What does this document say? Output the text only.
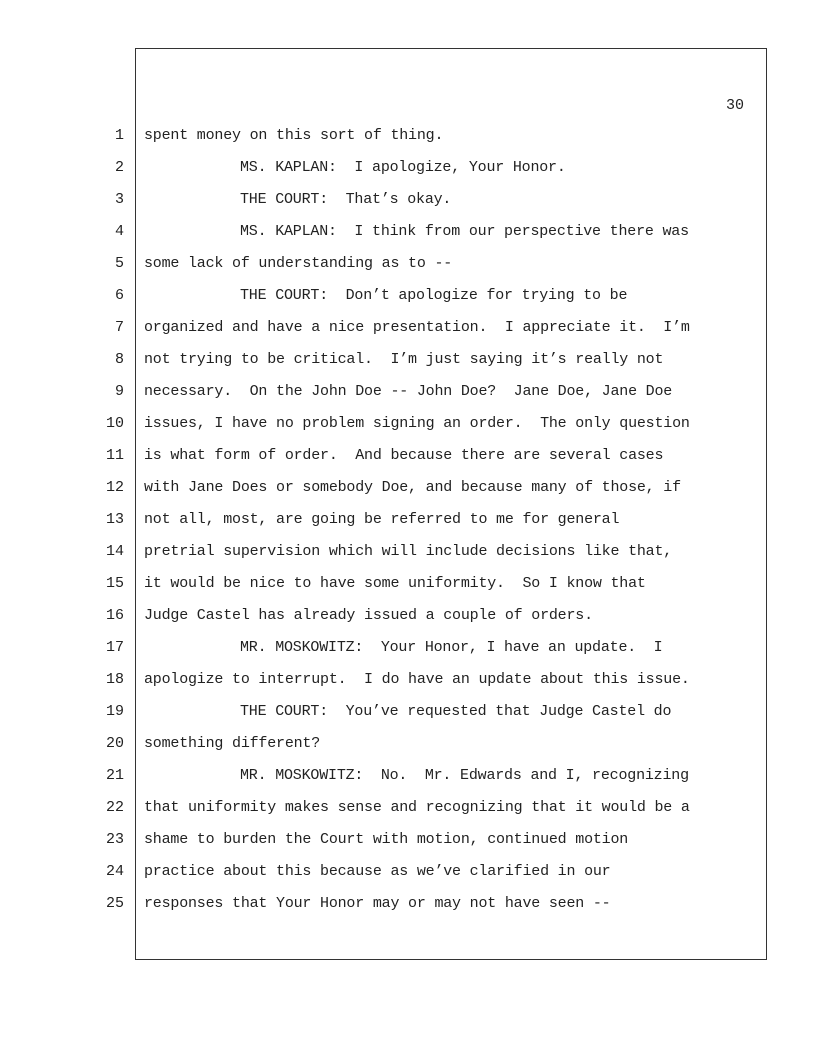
30
1 spent money on this sort of thing.
2	MS. KAPLAN:  I apologize, Your Honor.
3	THE COURT:  That’s okay.
4	MS. KAPLAN:  I think from our perspective there was
5 some lack of understanding as to --
6	THE COURT:  Don’t apologize for trying to be
7 organized and have a nice presentation.  I appreciate it.  I’m
8 not trying to be critical.  I’m just saying it’s really not
9 necessary.  On the John Doe -- John Doe?  Jane Doe, Jane Doe
10 issues, I have no problem signing an order.  The only question
11 is what form of order.  And because there are several cases
12 with Jane Does or somebody Doe, and because many of those, if
13 not all, most, are going be referred to me for general
14 pretrial supervision which will include decisions like that,
15 it would be nice to have some uniformity.  So I know that
16 Judge Castel has already issued a couple of orders.
17	MR. MOSKOWITZ:  Your Honor, I have an update.  I
18 apologize to interrupt.  I do have an update about this issue.
19	THE COURT:  You’ve requested that Judge Castel do
20 something different?
21	MR. MOSKOWITZ:  No.  Mr. Edwards and I, recognizing
22 that uniformity makes sense and recognizing that it would be a
23 shame to burden the Court with motion, continued motion
24 practice about this because as we’ve clarified in our
25 responses that Your Honor may or may not have seen --
